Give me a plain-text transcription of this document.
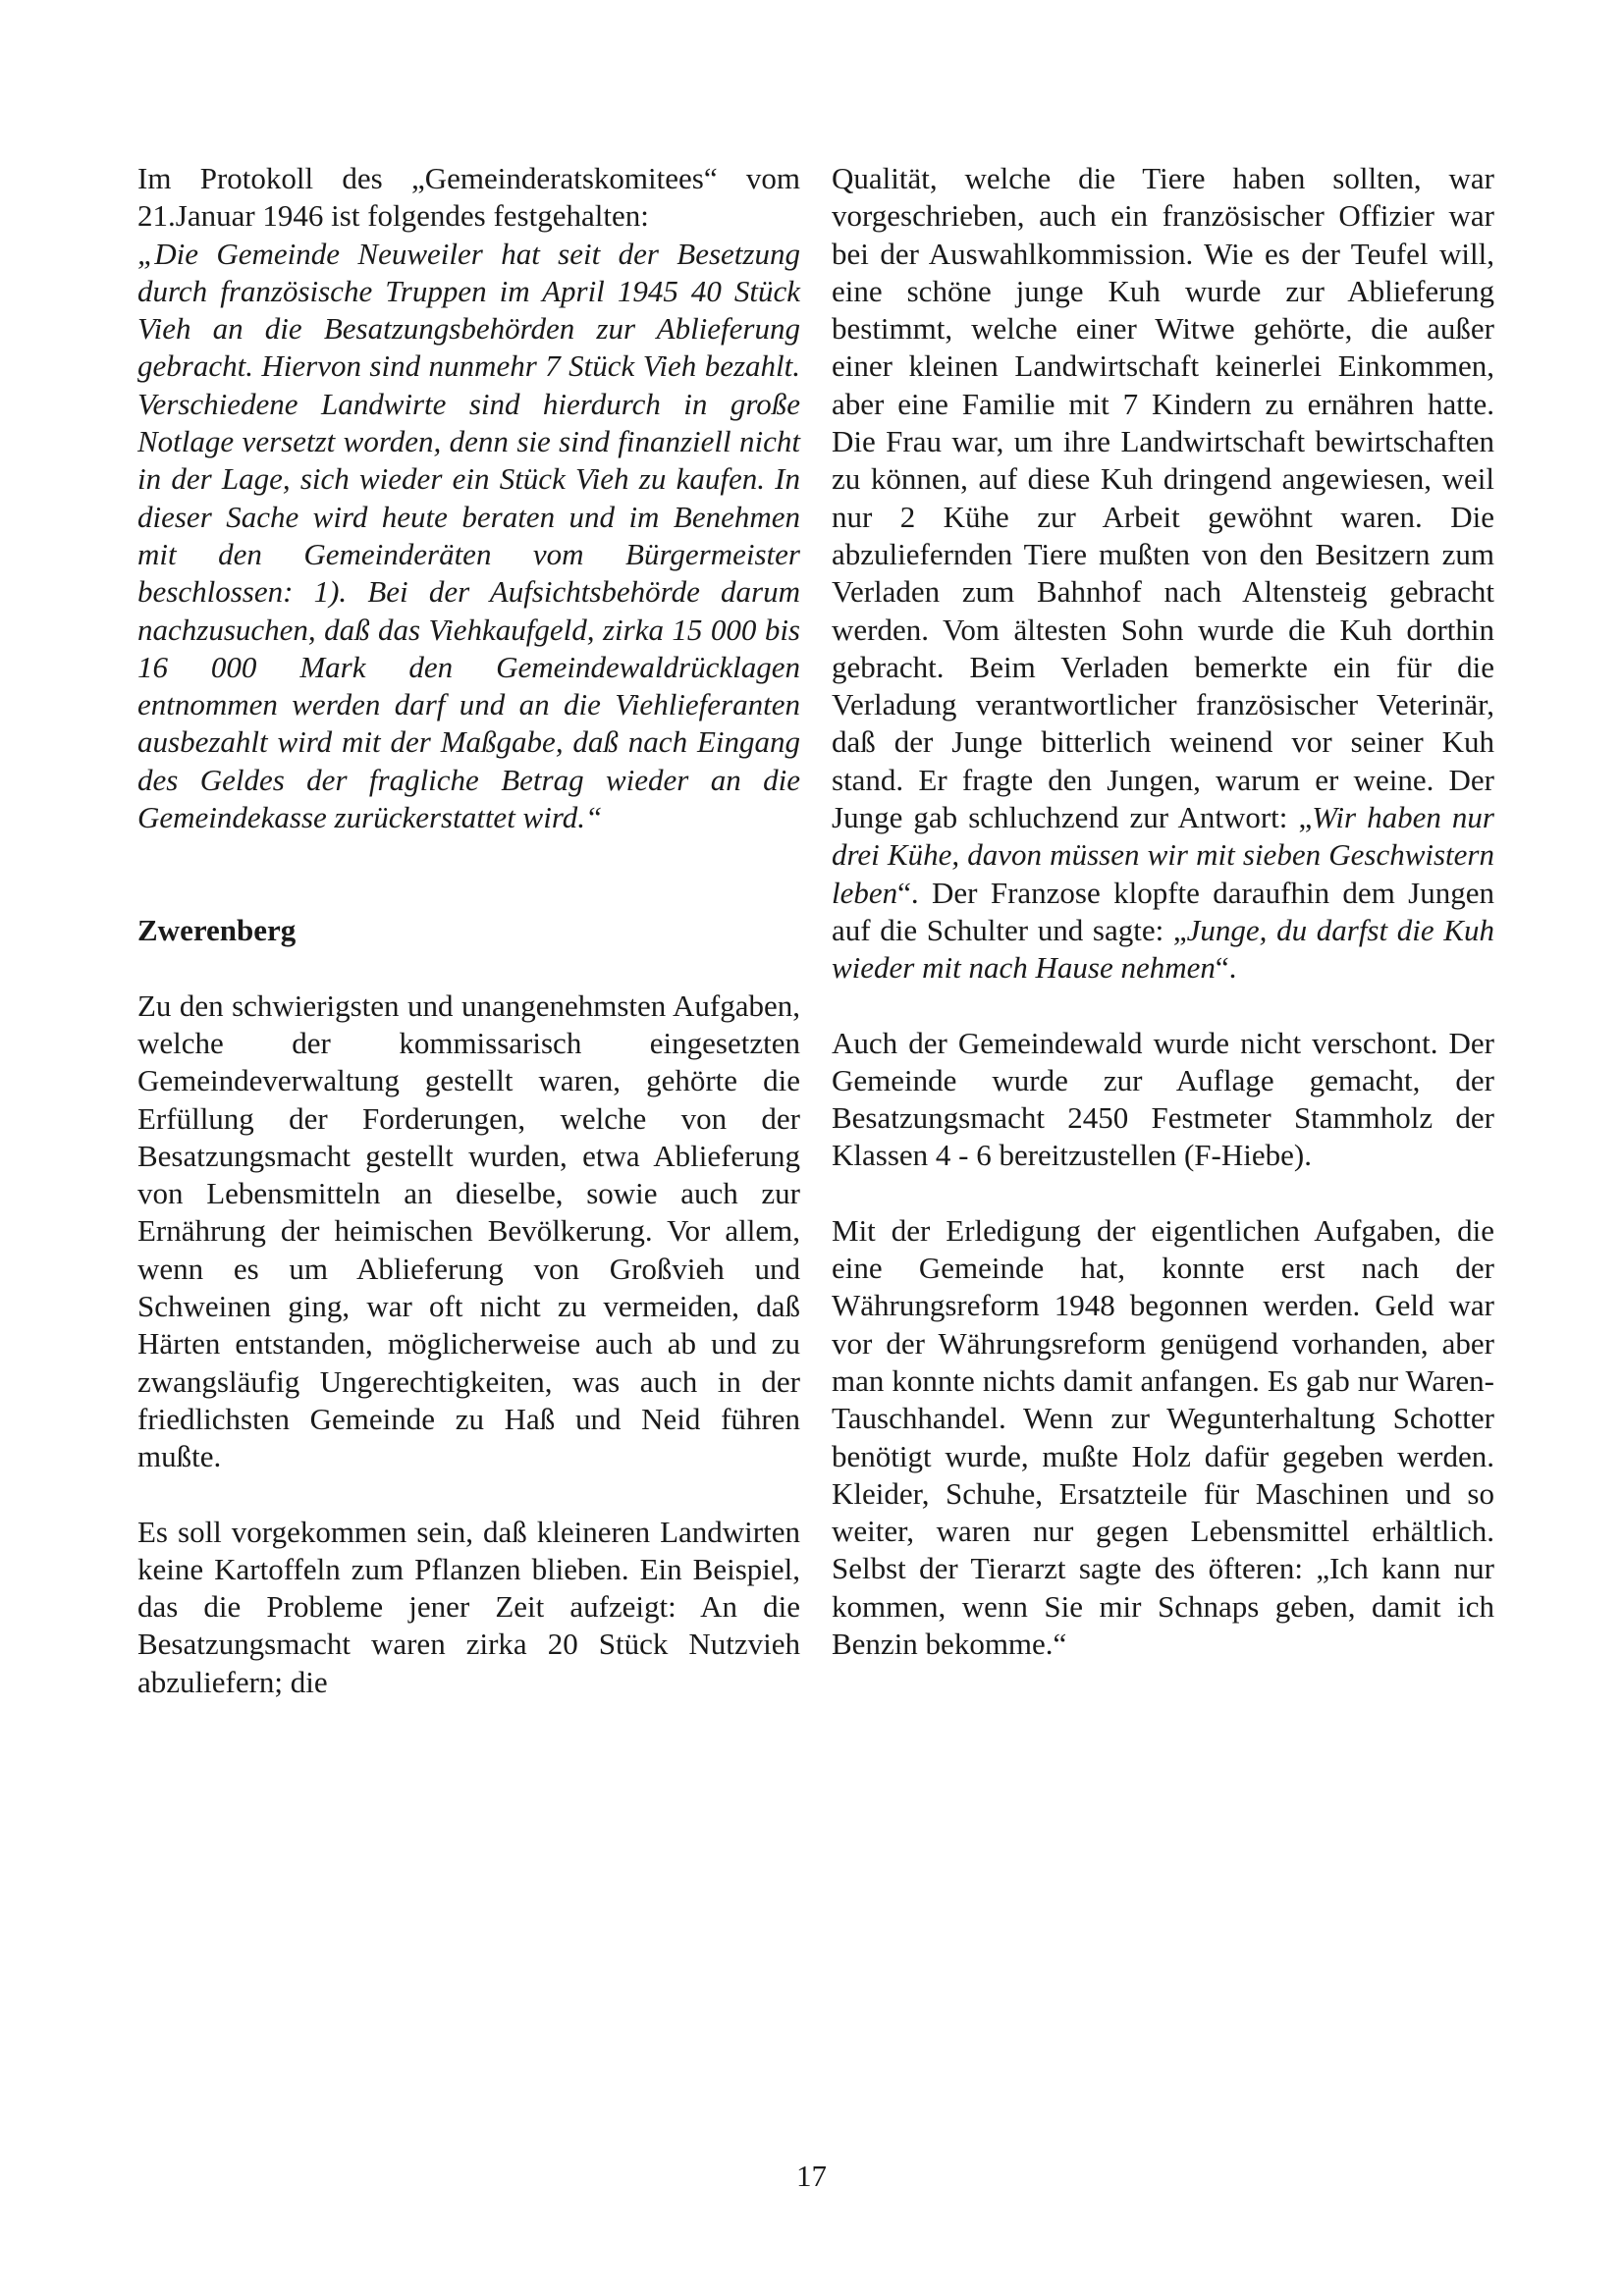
Im Protokoll des „Gemeinderatskomitees“ vom 21.Januar 1946 ist folgendes festgehalten:

„Die Gemeinde Neuweiler hat seit der Besetzung durch französische Truppen im April 1945 40 Stück Vieh an die Besatzungsbehörden zur Ablieferung gebracht. Hiervon sind nunmehr 7 Stück Vieh bezahlt. Verschiedene Landwirte sind hierdurch in große Notlage versetzt worden, denn sie sind finanziell nicht in der Lage, sich wieder ein Stück Vieh zu kaufen. In dieser Sache wird heute beraten und im Benehmen mit den Gemeinderäten vom Bürgermeister beschlossen: 1). Bei der Aufsichtsbehörde darum nachzusuchen, daß das Viehkaufgeld, zirka 15 000 bis 16 000 Mark den Gemeindewaldrücklagen entnommen werden darf und an die Viehlieferanten ausbezahlt wird mit der Maßgabe, daß nach Eingang des Geldes der fragliche Betrag wieder an die Gemeindekasse zurückerstattet wird.“

Zwerenberg

Zu den schwierigsten und unangenehmsten Aufgaben, welche der kommissarisch eingesetzten Gemeindeverwaltung gestellt waren, gehörte die Erfüllung der Forderungen, welche von der Besatzungsmacht gestellt wurden, etwa Ablieferung von Lebensmitteln an dieselbe, sowie auch zur Ernährung der heimischen Bevölkerung. Vor allem, wenn es um Ablieferung von Großvieh und Schweinen ging, war oft nicht zu vermeiden, daß Härten entstanden, möglicherweise auch ab und zu zwangsläufig Ungerechtigkeiten, was auch in der friedlichsten Gemeinde zu Haß und Neid führen mußte.

Es soll vorgekommen sein, daß kleineren Landwirten keine Kartoffeln zum Pflanzen blieben. Ein Beispiel, das die Probleme jener Zeit aufzeigt: An die Besatzungsmacht waren zirka 20 Stück Nutzvieh abzuliefern; die

Qualität, welche die Tiere haben sollten, war vorgeschrieben, auch ein französischer Offizier war bei der Auswahlkommission. Wie es der Teufel will, eine schöne junge Kuh wurde zur Ablieferung bestimmt, welche einer Witwe gehörte, die außer einer kleinen Landwirtschaft keinerlei Einkommen, aber eine Familie mit 7 Kindern zu ernähren hatte. Die Frau war, um ihre Landwirtschaft bewirtschaften zu können, auf diese Kuh dringend angewiesen, weil nur 2 Kühe zur Arbeit gewöhnt waren. Die abzuliefernden Tiere mußten von den Besitzern zum Verladen zum Bahnhof nach Altensteig gebracht werden. Vom ältesten Sohn wurde die Kuh dorthin gebracht. Beim Verladen bemerkte ein für die Verladung verantwortlicher französischer Veterinär, daß der Junge bitterlich weinend vor seiner Kuh stand. Er fragte den Jungen, warum er weine. Der Junge gab schluchzend zur Antwort: „Wir haben nur drei Kühe, davon müssen wir mit sieben Geschwistern leben“. Der Franzose klopfte daraufhin dem Jungen auf die Schulter und sagte: „Junge, du darfst die Kuh wieder mit nach Hause nehmen“.

Auch der Gemeindewald wurde nicht verschont. Der Gemeinde wurde zur Auflage gemacht, der Besatzungsmacht 2450 Festmeter Stammholz der Klassen 4 - 6 bereitzustellen (F-Hiebe).

Mit der Erledigung der eigentlichen Aufgaben, die eine Gemeinde hat, konnte erst nach der Währungsreform 1948 begonnen werden. Geld war vor der Währungsreform genügend vorhanden, aber man konnte nichts damit anfangen. Es gab nur Waren-Tauschhandel. Wenn zur Wegunterhaltung Schotter benötigt wurde, mußte Holz dafür gegeben werden. Kleider, Schuhe, Ersatzteile für Maschinen und so weiter, waren nur gegen Lebensmittel erhältlich. Selbst der Tierarzt sagte des öfteren: „Ich kann nur kommen, wenn Sie mir Schnaps geben, damit ich Benzin bekomme.“

17
